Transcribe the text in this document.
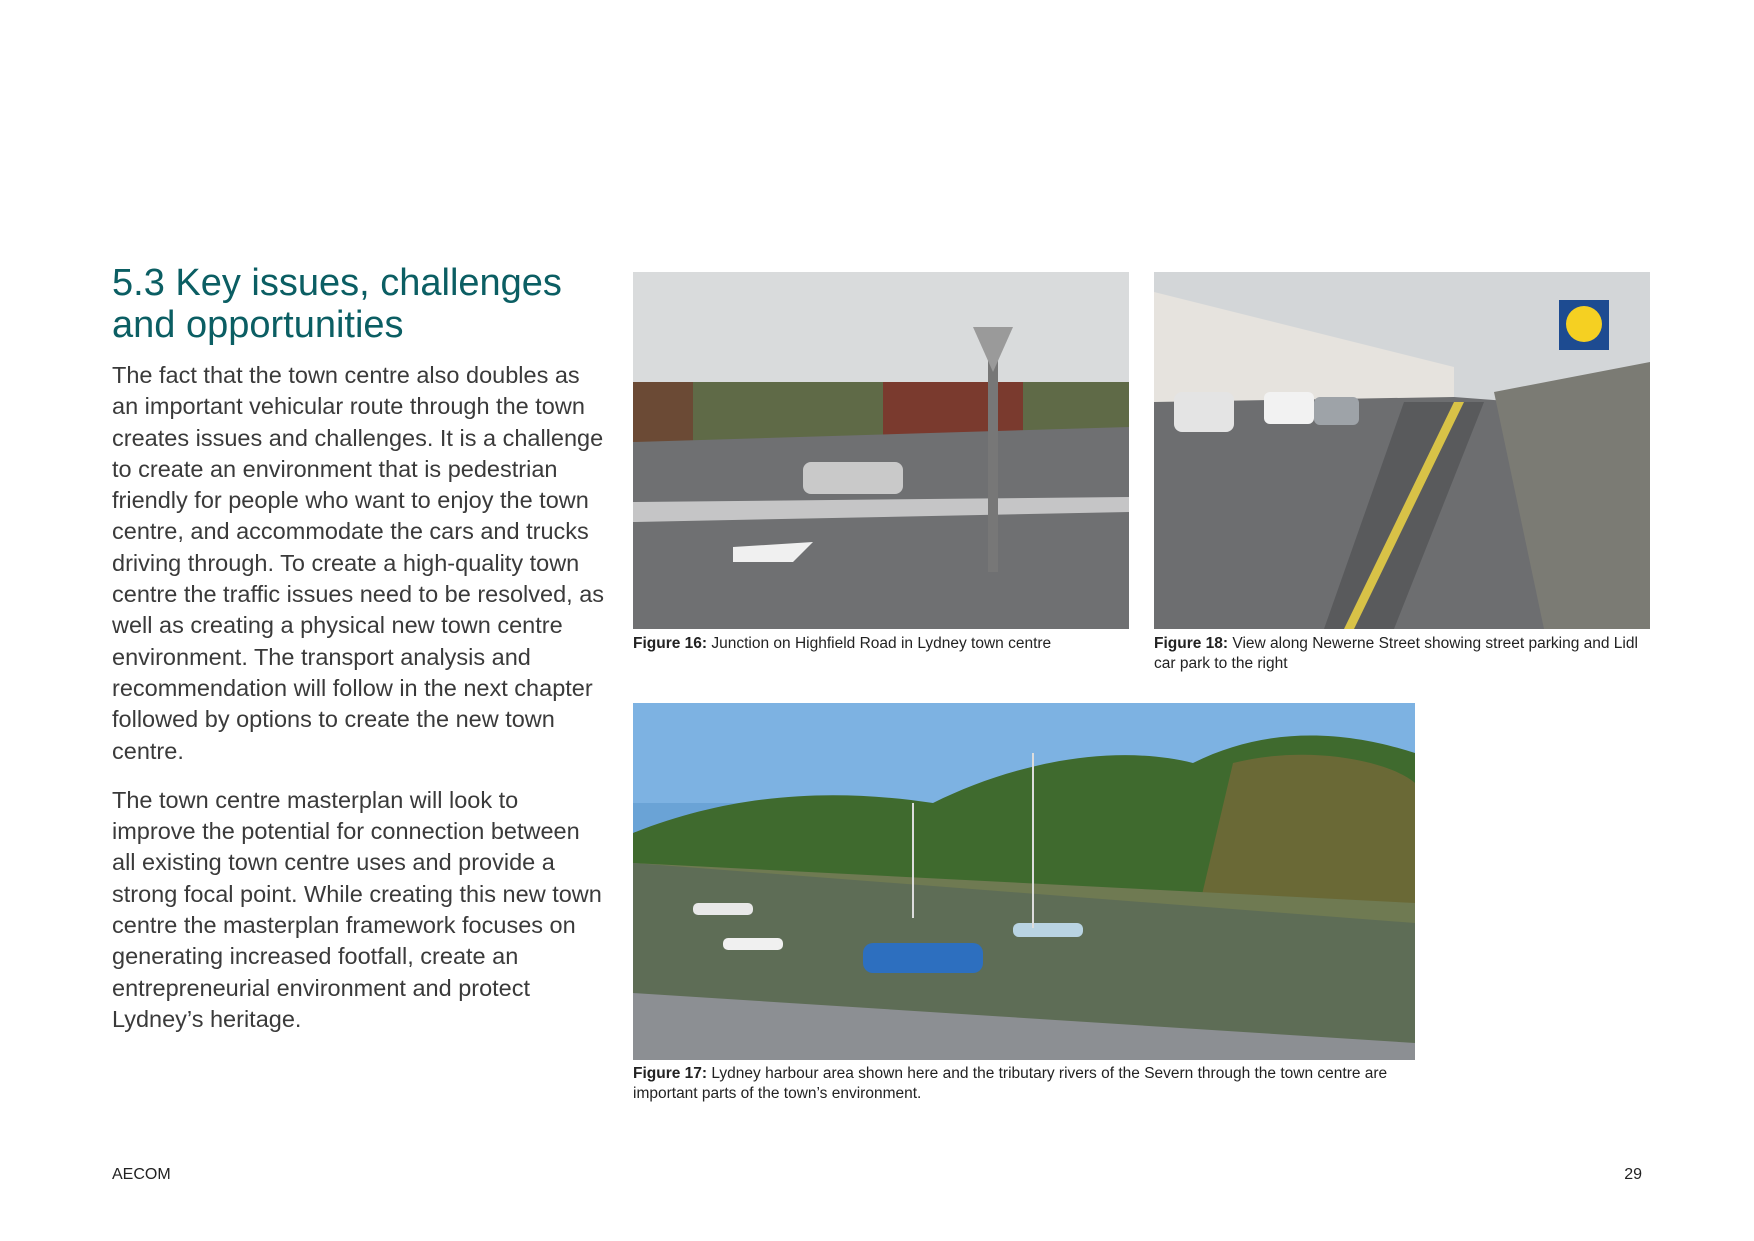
5.3 Key issues, challenges
and opportunities

The fact that the town centre also doubles as an important vehicular route through the town creates issues and challenges. It is a challenge to create an environment that is pedestrian friendly for people who want to enjoy the town centre, and accommodate the cars and trucks driving through. To create a high-quality town centre the traffic issues need to be resolved, as well as creating a physical new town centre environment. The transport analysis and recommendation will follow in the next chapter followed by options to create the new town centre.

The town centre masterplan will look to improve the potential for connection between all existing town centre uses and provide a strong focal point. While creating this new town centre the masterplan framework focuses on generating increased footfall, create an entrepreneurial environment and protect Lydney’s heritage.

Figure 16: Junction on Highfield Road in Lydney town centre	Figure 18: View along Newerne Street showing street parking and Lidl car park to the right
Figure 17: Lydney harbour area shown here and the tributary rivers of the Severn through the town centre are important parts of the town’s environment.
AECOM	29
